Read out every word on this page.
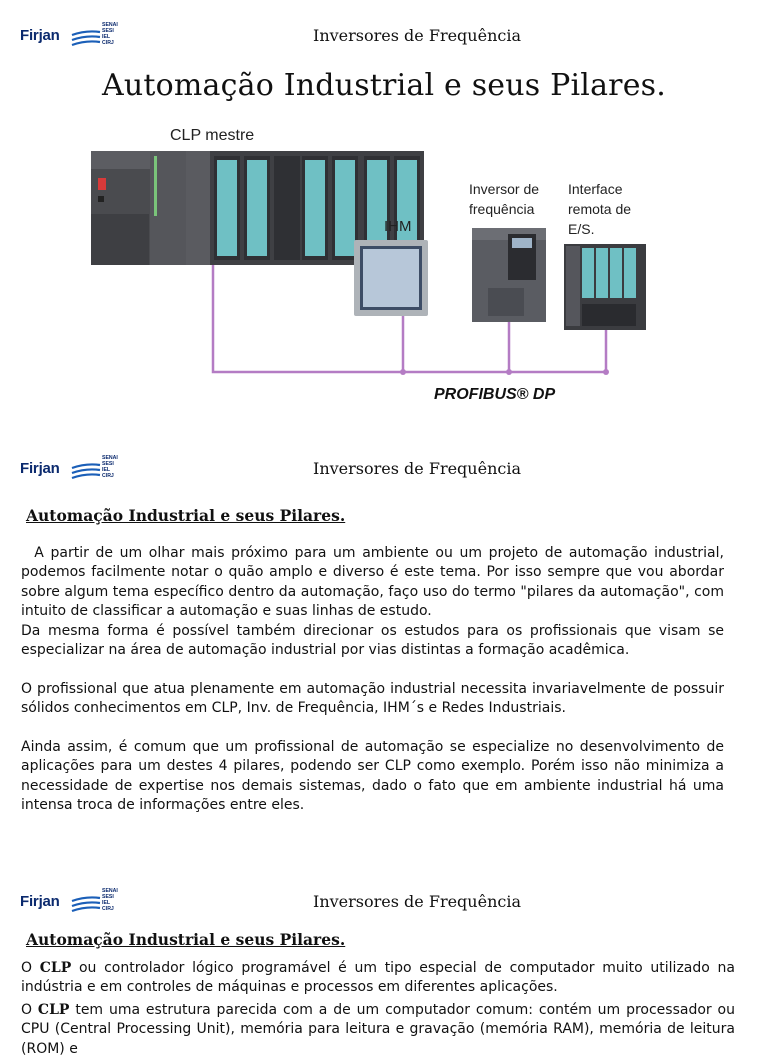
Firjan
SENAI
SESI
IEL
CIRJ	Inversores de Frequência
Automação Industrial e seus Pilares.
CLP mestre
IHM
Inversor de
frequência
Interface
remota de
E/S.
PROFIBUS® DP
Firjan
SENAI
SESI
IEL
CIRJ	Inversores de Frequência
Automação Industrial e seus Pilares.

A partir de um olhar mais próximo para um ambiente ou um projeto de automação industrial, podemos facilmente notar o quão amplo e diverso é este tema. Por isso sempre que vou abordar sobre algum tema específico dentro da automação, faço uso do termo "pilares da automação", com intuito de classificar a automação e suas linhas de estudo.

Da mesma forma é possível também direcionar os estudos para os profissionais que visam se especializar na área de automação industrial por vias distintas a formação acadêmica.

O profissional que atua plenamente em automação industrial necessita invariavelmente de possuir sólidos conhecimentos em CLP, Inv. de Frequência, IHM´s e Redes Industriais.

Ainda assim, é comum que um profissional de automação se especialize no desenvolvimento de aplicações para um destes 4 pilares, podendo ser CLP como exemplo. Porém isso não minimiza a necessidade de expertise nos demais sistemas, dado o fato que em ambiente industrial há uma intensa troca de informações entre eles.

Firjan
SENAI
SESI
IEL
CIRJ	Inversores de Frequência
Automação Industrial e seus Pilares.

O CLP ou controlador lógico programável é um tipo especial de computador muito utilizado na indústria e em controles de máquinas e processos em diferentes aplicações.

O CLP tem uma estrutura parecida com a de um computador comum: contém um processador ou CPU (Central Processing Unit), memória para leitura e gravação (memória RAM), memória de leitura (ROM) e
